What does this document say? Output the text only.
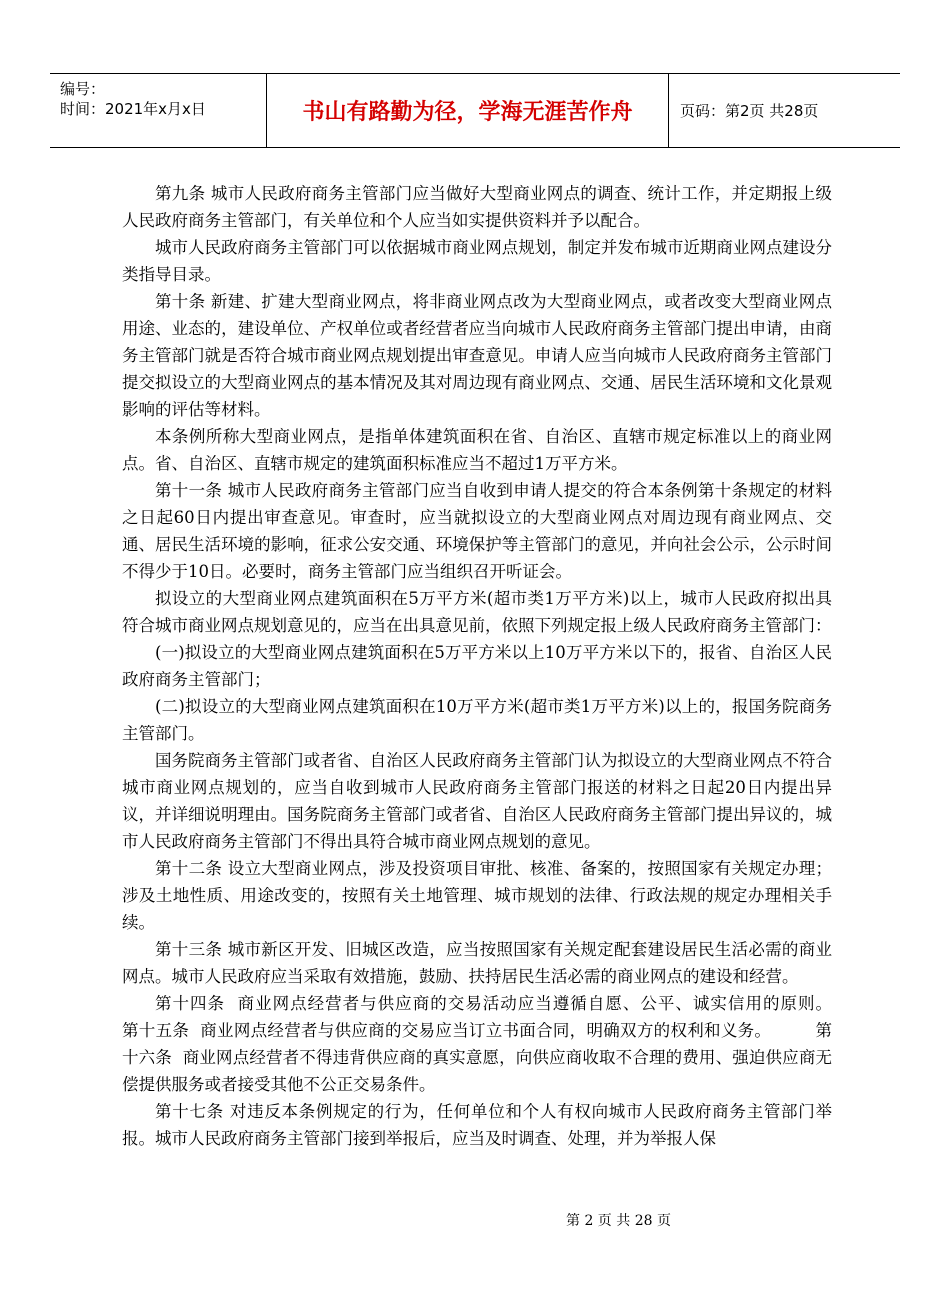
编号：
时间：2021年x月x日	书山有路勤为径，学海无涯苦作舟	页码：第2页 共28页

第九条 城市人民政府商务主管部门应当做好大型商业网点的调查、统计工作，并定期报上级人民政府商务主管部门，有关单位和个人应当如实提供资料并予以配合。

城市人民政府商务主管部门可以依据城市商业网点规划，制定并发布城市近期商业网点建设分类指导目录。

第十条 新建、扩建大型商业网点，将非商业网点改为大型商业网点，或者改变大型商业网点用途、业态的，建设单位、产权单位或者经营者应当向城市人民政府商务主管部门提出申请，由商务主管部门就是否符合城市商业网点规划提出审查意见。申请人应当向城市人民政府商务主管部门提交拟设立的大型商业网点的基本情况及其对周边现有商业网点、交通、居民生活环境和文化景观影响的评估等材料。

本条例所称大型商业网点，是指单体建筑面积在省、自治区、直辖市规定标准以上的商业网点。省、自治区、直辖市规定的建筑面积标准应当不超过1万平方米。

第十一条 城市人民政府商务主管部门应当自收到申请人提交的符合本条例第十条规定的材料之日起60日内提出审查意见。审查时，应当就拟设立的大型商业网点对周边现有商业网点、交通、居民生活环境的影响，征求公安交通、环境保护等主管部门的意见，并向社会公示，公示时间不得少于10日。必要时，商务主管部门应当组织召开听证会。

拟设立的大型商业网点建筑面积在5万平方米(超市类1万平方米)以上，城市人民政府拟出具符合城市商业网点规划意见的，应当在出具意见前，依照下列规定报上级人民政府商务主管部门：

(一)拟设立的大型商业网点建筑面积在5万平方米以上10万平方米以下的，报省、自治区人民政府商务主管部门；

(二)拟设立的大型商业网点建筑面积在10万平方米(超市类1万平方米)以上的，报国务院商务主管部门。

国务院商务主管部门或者省、自治区人民政府商务主管部门认为拟设立的大型商业网点不符合城市商业网点规划的，应当自收到城市人民政府商务主管部门报送的材料之日起20日内提出异议，并详细说明理由。国务院商务主管部门或者省、自治区人民政府商务主管部门提出异议的，城市人民政府商务主管部门不得出具符合城市商业网点规划的意见。

第十二条 设立大型商业网点，涉及投资项目审批、核准、备案的，按照国家有关规定办理；涉及土地性质、用途改变的，按照有关土地管理、城市规划的法律、行政法规的规定办理相关手续。

第十三条 城市新区开发、旧城区改造，应当按照国家有关规定配套建设居民生活必需的商业网点。城市人民政府应当采取有效措施，鼓励、扶持居民生活必需的商业网点的建设和经营。

第十四条  商业网点经营者与供应商的交易活动应当遵循自愿、公平、诚实信用的原则。        第十五条  商业网点经营者与供应商的交易应当订立书面合同，明确双方的权利和义务。        第十六条  商业网点经营者不得违背供应商的真实意愿，向供应商收取不合理的费用、强迫供应商无偿提供服务或者接受其他不公正交易条件。

第十七条 对违反本条例规定的行为，任何单位和个人有权向城市人民政府商务主管部门举报。城市人民政府商务主管部门接到举报后，应当及时调查、处理，并为举报人保

第 2 页 共 28 页
